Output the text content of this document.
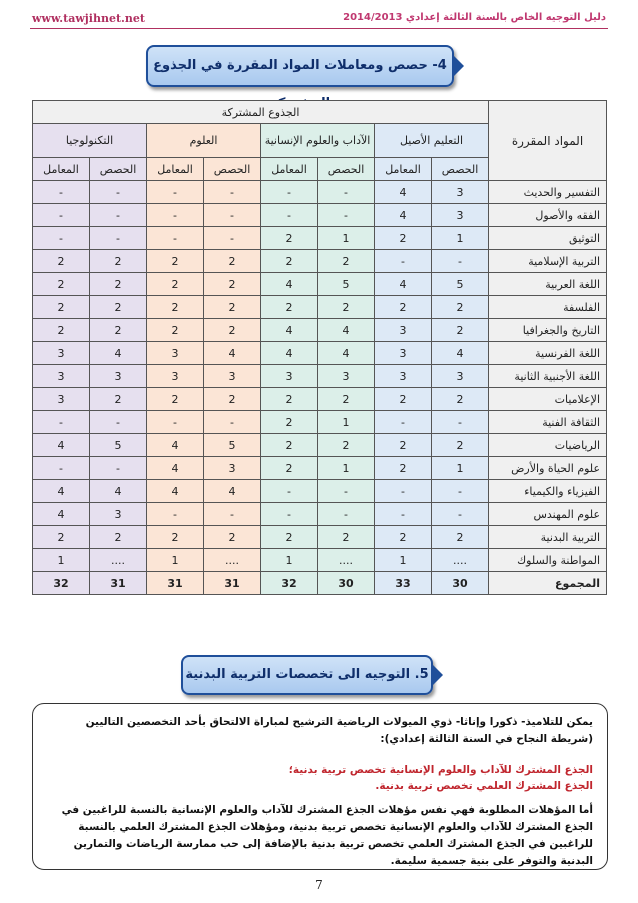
www.tawjihnet.net	دليل التوجيه الخاص بالسنة الثالثة إعدادي 2014/2013
4- حصص ومعاملات المواد المقررة في الجذوع
المواد المقررة	الجذوع المشتركة							
	التعليم الأصيل		الآداب والعلوم الإنسانية		العلوم		التكنولوجيا	
	الحصص	المعامل	الحصص	المعامل	الحصص	المعامل	الحصص	المعامل
التفسير والحديث	3	4	-	-	-	-	-	-
الفقه والأصول	3	4	-	-	-	-	-	-
التوثيق	1	2	1	2	-	-	-	-
التربية الإسلامية	-	-	2	2	2	2	2	2
اللغة العربية	5	4	5	4	2	2	2	2
الفلسفة	2	2	2	2	2	2	2	2
التاريخ والجغرافيا	2	3	4	4	2	2	2	2
اللغة الفرنسية	4	3	4	4	4	3	4	3
اللغة الأجنبية الثانية	3	3	3	3	3	3	3	3
الإعلاميات	2	2	2	2	2	2	2	3
الثقافة الفنية	-	-	1	2	-	-	-	-
الرياضيات	2	2	2	2	5	4	5	4
علوم الحياة والأرض	1	2	1	2	3	4	-	-
الفيزياء والكيمياء	-	-	-	-	4	4	4	4
علوم المهندس	-	-	-	-	-	-	3	4
التربية البدنية	2	2	2	2	2	2	2	2
المواطنة والسلوك	....	1	....	1	....	1	....	1
المجموع	30	33	30	32	31	31	31	32
5. التوجيه الى تخصصات التربية البدنية
يمكن للتلاميذ- ذكورا وإناثا- ذوي الميولات الرياضية الترشيح لمباراة الالتحاق بأحد التخصصين التاليين (شريطة النجاح في السنة الثالثة إعدادي):
الجذع المشترك للآداب والعلوم الإنسانية تخصص تربية بدنية؛
الجذع المشترك العلمي تخصص تربية بدنية.
أما المؤهلات المطلوبة فهي نفس مؤهلات الجذع المشترك للآداب والعلوم الإنسانية بالنسبة للراغبين في الجذع المشترك للآداب والعلوم الإنسانية تخصص تربية بدنية، ومؤهلات الجذع المشترك العلمي بالنسبة للراغبين في الجذع المشترك العلمي تخصص تربية بدنية بالإضافة إلى حب ممارسة الرياضات والتمارين البدنية والتوفر على بنية جسمية سليمة.
7
